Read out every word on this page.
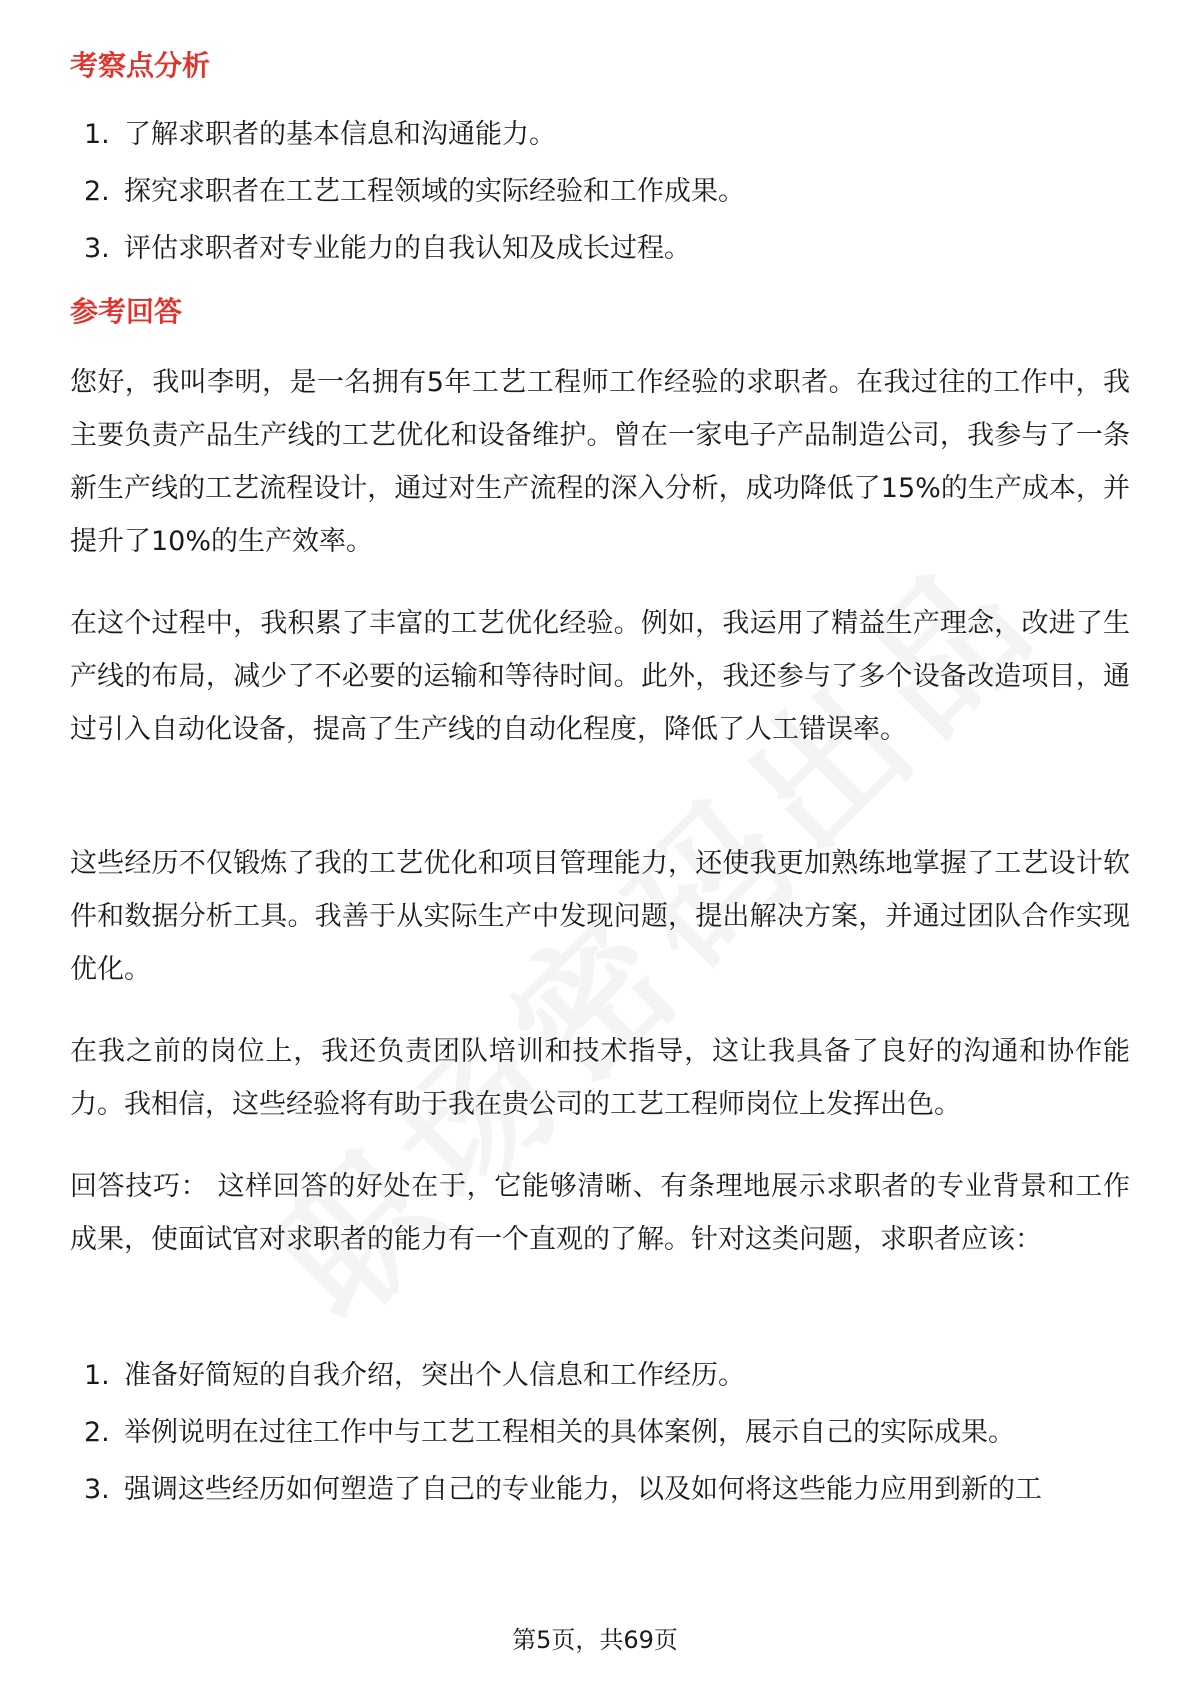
考察点分析
1. 了解求职者的基本信息和沟通能力。
2. 探究求职者在工艺工程领域的实际经验和工作成果。
3. 评估求职者对专业能力的自我认知及成长过程。
参考回答

您好，我叫李明，是一名拥有5年工艺工程师工作经验的求职者。在我过往的工作中，我主要负责产品生产线的工艺优化和设备维护。曾在一家电子产品制造公司，我参与了一条新生产线的工艺流程设计，通过对生产流程的深入分析，成功降低了15%的生产成本，并提升了10%的生产效率。

在这个过程中，我积累了丰富的工艺优化经验。例如，我运用了精益生产理念，改进了生产线的布局，减少了不必要的运输和等待时间。此外，我还参与了多个设备改造项目，通过引入自动化设备，提高了生产线的自动化程度，降低了人工错误率。

这些经历不仅锻炼了我的工艺优化和项目管理能力，还使我更加熟练地掌握了工艺设计软件和数据分析工具。我善于从实际生产中发现问题，提出解决方案，并通过团队合作实现优化。

在我之前的岗位上，我还负责团队培训和技术指导，这让我具备了良好的沟通和协作能力。我相信，这些经验将有助于我在贵公司的工艺工程师岗位上发挥出色。

回答技巧： 这样回答的好处在于，它能够清晰、有条理地展示求职者的专业背景和工作成果，使面试官对求职者的能力有一个直观的了解。针对这类问题，求职者应该：

1. 准备好简短的自我介绍，突出个人信息和工作经历。
2. 举例说明在过往工作中与工艺工程相关的具体案例，展示自己的实际成果。
3. 强调这些经历如何塑造了自己的专业能力，以及如何将这些能力应用到新的工
第5页，共69页
